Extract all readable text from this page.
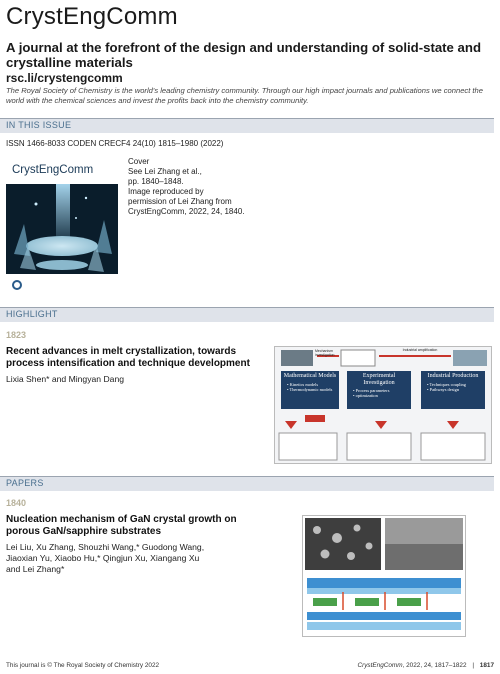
CrystEngComm
A journal at the forefront of the design and understanding of solid-state and crystalline materials
rsc.li/crystengcomm
The Royal Society of Chemistry is the world's leading chemistry community. Through our high impact journals and publications we connect the world with the chemical sciences and invest the profits back into the chemistry community.
IN THIS ISSUE
ISSN 1466-8033 CODEN CRECF4 24(10) 1815–1980 (2022)
CrystEngComm
Cover
See Lei Zhang et al.,
pp. 1840–1848.
Image reproduced by
permission of Lei Zhang from
CrystEngComm, 2022, 24, 1840.
HIGHLIGHT
1823
Recent advances in melt crystallization, towards
process intensification and technique development
Lixia Shen* and Mingyan Dang
Mechanism investigation
Industrial amplification
Mathematical Models
• Kinetics models
• Thermodynamic models
Experimental Investigation
• Process parameters
• optimization
Industrial Production
• Techniques coupling
• Pathways design
PAPERS
1840
Nucleation mechanism of GaN crystal growth on
porous GaN/sapphire substrates
Lei Liu, Xu Zhang, Shouzhi Wang,* Guodong Wang,
Jiaoxian Yu, Xiaobo Hu,* Qingjun Xu, Xiangang Xu
and Lei Zhang*
This journal is © The Royal Society of Chemistry 2022	CrystEngComm, 2022, 24, 1817–1822 | 1817
